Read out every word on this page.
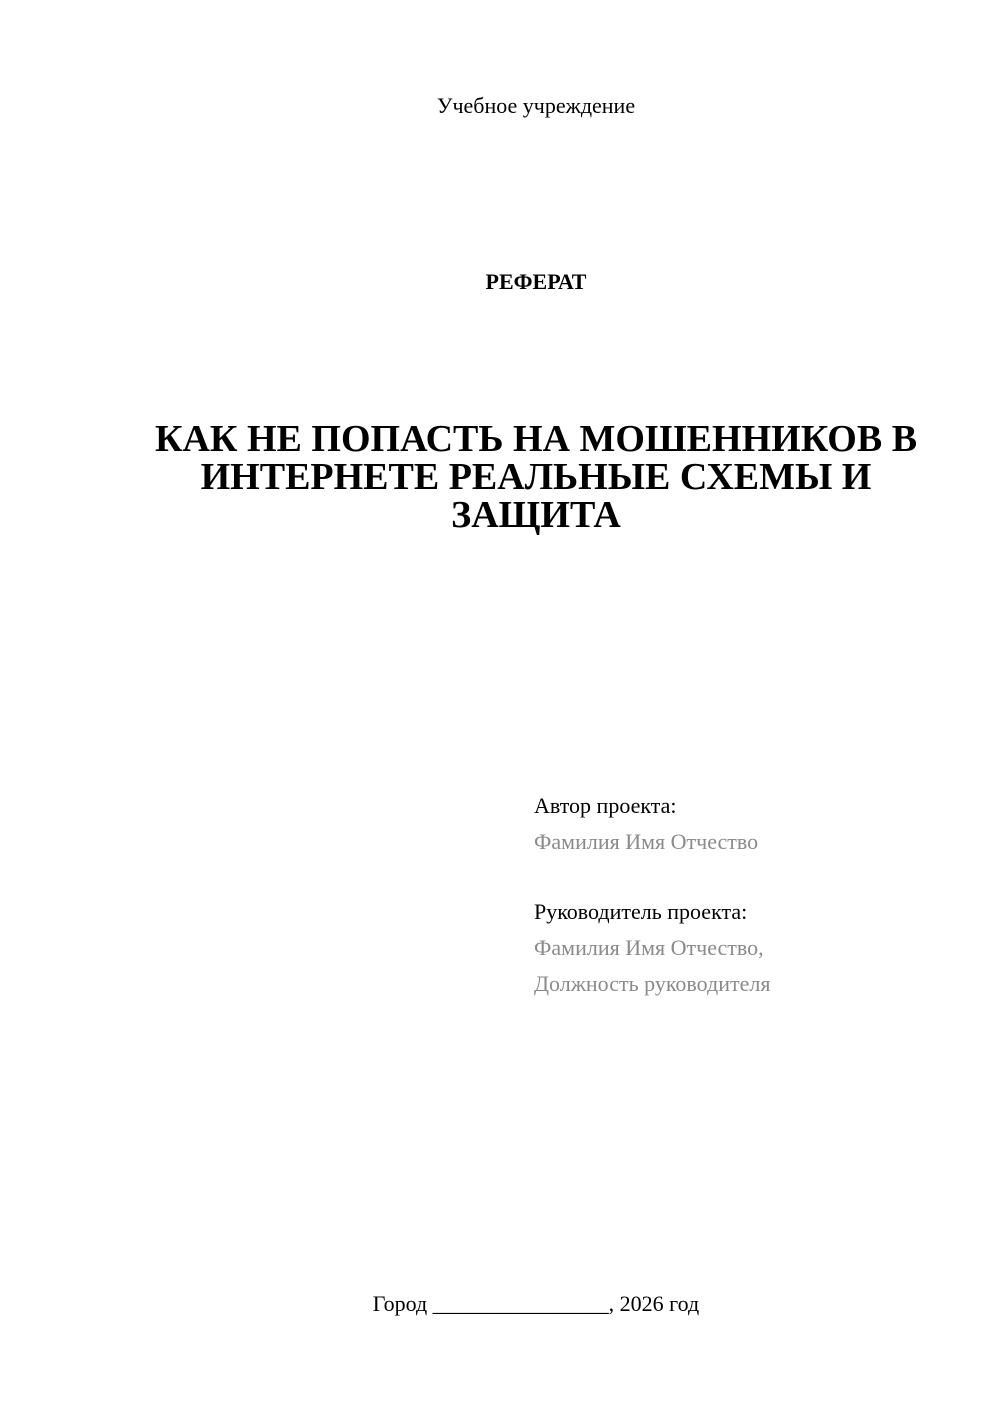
Учебное учреждение
РЕФЕРАТ
КАК НЕ ПОПАСТЬ НА МОШЕННИКОВ В
ИНТЕРНЕТЕ РЕАЛЬНЫЕ СХЕМЫ И
ЗАЩИТА
Автор проекта:
Фамилия Имя Отчество
Руководитель проекта:
Фамилия Имя Отчество,
Должность руководителя
Город ________________, 2026 год
